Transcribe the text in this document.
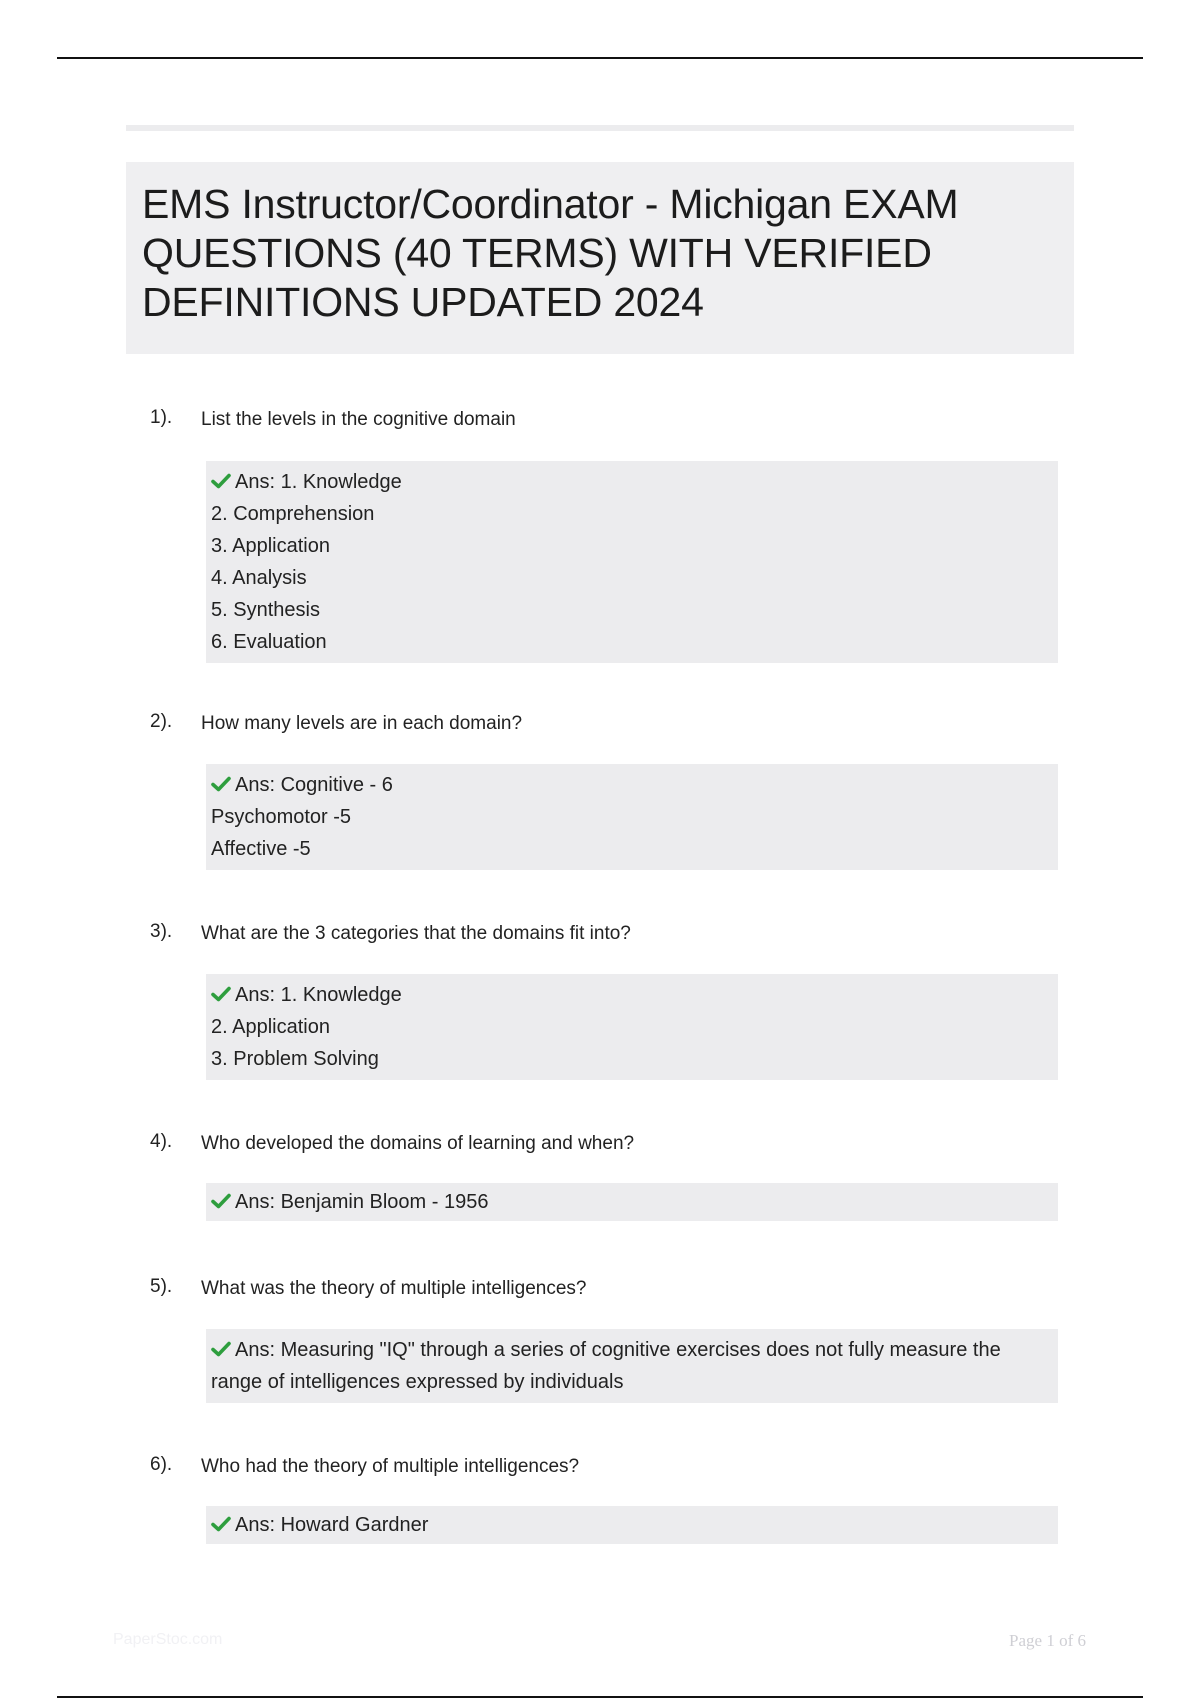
EMS Instructor/Coordinator - Michigan EXAM QUESTIONS (40 TERMS) WITH VERIFIED DEFINITIONS UPDATED 2024
1). List the levels in the cognitive domain
Ans: 1. Knowledge
2. Comprehension
3. Application
4. Analysis
5. Synthesis
6. Evaluation
2). How many levels are in each domain?
Ans: Cognitive - 6
Psychomotor -5
Affective -5
3). What are the 3 categories that the domains fit into?
Ans: 1. Knowledge
2. Application
3. Problem Solving
4). Who developed the domains of learning and when?
Ans: Benjamin Bloom - 1956
5). What was the theory of multiple intelligences?
Ans: Measuring "IQ" through a series of cognitive exercises does not fully measure the
range of intelligences expressed by individuals
6). Who had the theory of multiple intelligences?
Ans: Howard Gardner
PaperStoc.com	Page 1 of 6
